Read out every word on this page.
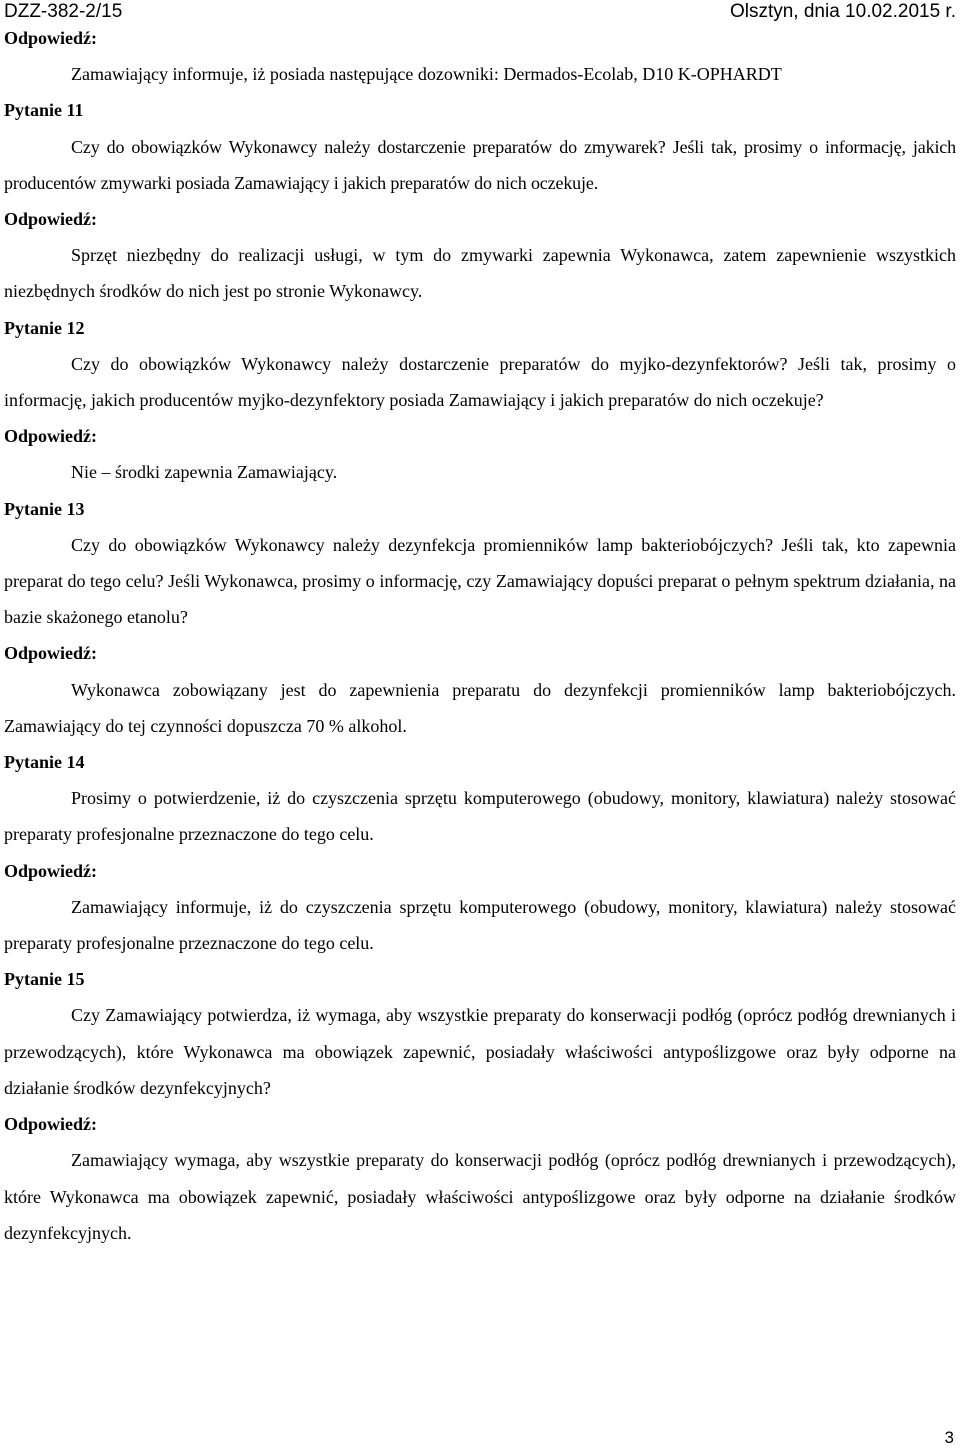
DZZ-382-2/15	Olsztyn, dnia 10.02.2015 r.
Odpowiedź:

Zamawiający informuje, iż posiada następujące dozowniki: Dermados-Ecolab, D10 K-OPHARDT

Pytanie 11

Czy do obowiązków Wykonawcy należy dostarczenie preparatów do zmywarek? Jeśli tak, prosimy o informację, jakich producentów zmywarki posiada Zamawiający i jakich preparatów do nich oczekuje.

Odpowiedź:

Sprzęt niezbędny do realizacji usługi, w tym do zmywarki zapewnia Wykonawca, zatem zapewnienie wszystkich niezbędnych środków do nich jest po stronie Wykonawcy.

Pytanie 12

Czy do obowiązków Wykonawcy należy dostarczenie preparatów do myjko-dezynfektorów? Jeśli tak, prosimy o informację, jakich producentów myjko-dezynfektory posiada Zamawiający i jakich preparatów do nich oczekuje?

Odpowiedź:

Nie – środki zapewnia Zamawiający.

Pytanie 13

Czy do obowiązków Wykonawcy należy dezynfekcja promienników lamp bakteriobójczych? Jeśli tak, kto zapewnia preparat do tego celu? Jeśli Wykonawca, prosimy o informację, czy Zamawiający dopuści preparat o pełnym spektrum działania, na bazie skażonego etanolu?

Odpowiedź:

Wykonawca zobowiązany jest do zapewnienia preparatu do dezynfekcji promienników lamp bakteriobójczych. Zamawiający do tej czynności dopuszcza 70 % alkohol.

Pytanie 14

Prosimy o potwierdzenie, iż do czyszczenia sprzętu komputerowego (obudowy, monitory, klawiatura) należy stosować preparaty profesjonalne przeznaczone do tego celu.

Odpowiedź:

Zamawiający informuje, iż do czyszczenia sprzętu komputerowego (obudowy, monitory, klawiatura) należy stosować preparaty profesjonalne przeznaczone do tego celu.

Pytanie 15

Czy Zamawiający potwierdza, iż wymaga, aby wszystkie preparaty do konserwacji podłóg (oprócz podłóg drewnianych i przewodzących), które Wykonawca ma obowiązek zapewnić, posiadały właściwości antypoślizgowe oraz były odporne na działanie środków dezynfekcyjnych?

Odpowiedź:

Zamawiający wymaga, aby wszystkie preparaty do konserwacji podłóg (oprócz podłóg drewnianych i przewodzących), które Wykonawca ma obowiązek zapewnić, posiadały właściwości antypoślizgowe oraz były odporne na działanie środków dezynfekcyjnych.

3
